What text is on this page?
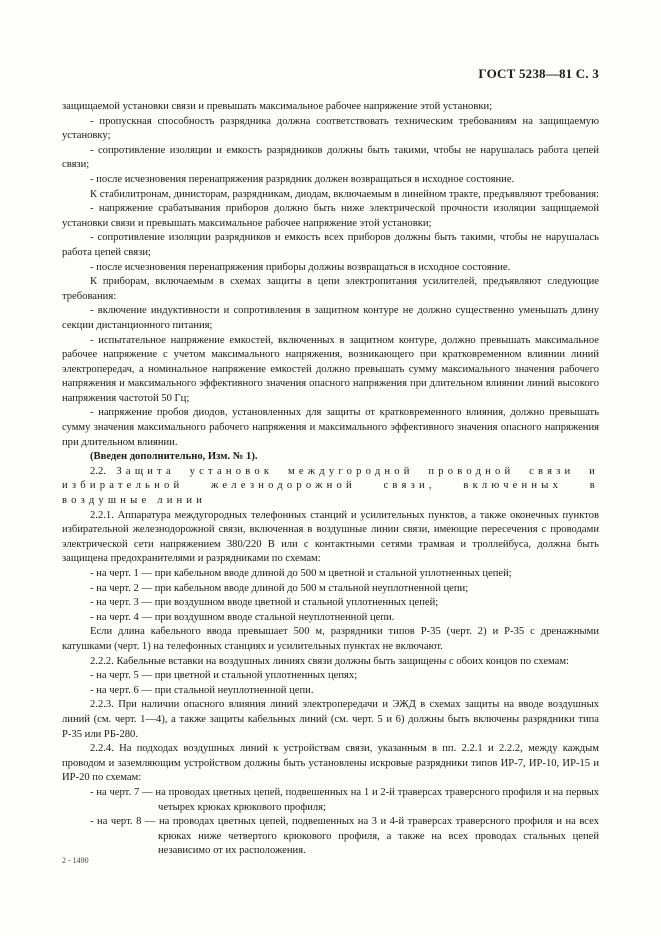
ГОСТ 5238—81 С. 3

защищаемой установки связи и превышать максимальное рабочее напряжение этой установки;

- пропускная способность разрядника должна соответствовать техническим требованиям на защищаемую установку;

- сопротивление изоляции и емкость разрядников должны быть такими, чтобы не нарушалась работа цепей связи;

- после исчезновения перенапряжения разрядник должен возвращаться в исходное состояние.

К стабилитронам, динисторам, разрядникам, диодам, включаемым в линейном тракте, предъявляют требования:

- напряжение срабатывания приборов должно быть ниже электрической прочности изоляции защищаемой установки связи и превышать максимальное рабочее напряжение этой установки;

- сопротивление изоляции разрядников и емкость всех приборов должны быть такими, чтобы не нарушалась работа цепей связи;

- после исчезновения перенапряжения приборы должны возвращаться в исходное состояние.

К приборам, включаемым в схемах защиты в цепи электропитания усилителей, предъявляют следующие требования:

- включение индуктивности и сопротивления в защитном контуре не должно существенно уменьшать длину секции дистанционного питания;

- испытательное напряжение емкостей, включенных в защитном контуре, должно превышать максимальное рабочее напряжение с учетом максимального напряжения, возникающего при кратковременном влиянии линий электропередач, а номинальное напряжение емкостей должно превышать сумму максимального значения рабочего напряжения и максимального эффективного значения опасного напряжения при длительном влиянии линий высокого напряжения частотой 50 Гц;

- напряжение пробоя диодов, установленных для защиты от кратковременного влияния, должно превышать сумму значения максимального рабочего напряжения и максимального эффективного значения опасного напряжения при длительном влиянии.

(Введен дополнительно, Изм. № 1).

2.2. Защита установок междугородной проводной связи и избирательной железнодорожной связи, включенных в воздушные линии

2.2.1. Аппаратура междугородных телефонных станций и усилительных пунктов, а также оконечных пунктов избирательной железнодорожной связи, включенная в воздушные линии связи, имеющие пересечения с проводами электрической сети напряжением 380/220 В или с контактными сетями трамвая и троллейбуса, должна быть защищена предохранителями и разрядниками по схемам:

- на черт. 1 — при кабельном вводе длиной до 500 м цветной и стальной уплотненных цепей;

- на черт. 2 — при кабельном вводе длиной до 500 м стальной неуплотненной цепи;

- на черт. 3 — при воздушном вводе цветной и стальной уплотненных цепей;

- на черт. 4 — при воздушном вводе стальной неуплотненной цепи.

Если длина кабельного ввода превышает 500 м, разрядники типов Р-35 (черт. 2) и Р-35 с дренажными катушками (черт. 1) на телефонных станциях и усилительных пунктах не включают.

2.2.2. Кабельные вставки на воздушных линиях связи должны быть защищены с обоих концов по схемам:

- на черт. 5 — при цветной и стальной уплотненных цепях;

- на черт. 6 — при стальной неуплотненной цепи.

2.2.3. При наличии опасного влияния линий электропередачи и ЭЖД в схемах защиты на вводе воздушных линий (см. черт. 1—4), а также защиты кабельных линий (см. черт. 5 и 6) должны быть включены разрядники типа Р-35 или РБ-280.

2.2.4. На подходах воздушных линий к устройствам связи, указанным в пп. 2.2.1 и 2.2.2, между каждым проводом и заземляющим устройством должны быть установлены искровые разрядники типов ИР-7, ИР-10, ИР-15 и ИР-20 по схемам:

- на черт. 7 — на проводах цветных цепей, подвешенных на 1 и 2-й траверсах траверсного профиля и на первых четырех крюках крюкового профиля;

- на черт. 8 — на проводах цветных цепей, подвешенных на 3 и 4-й траверсах траверсного профиля и на всех крюках ниже четвертого крюкового профиля, а также на всех проводах стальных цепей независимо от их расположения.

2 - 1490
